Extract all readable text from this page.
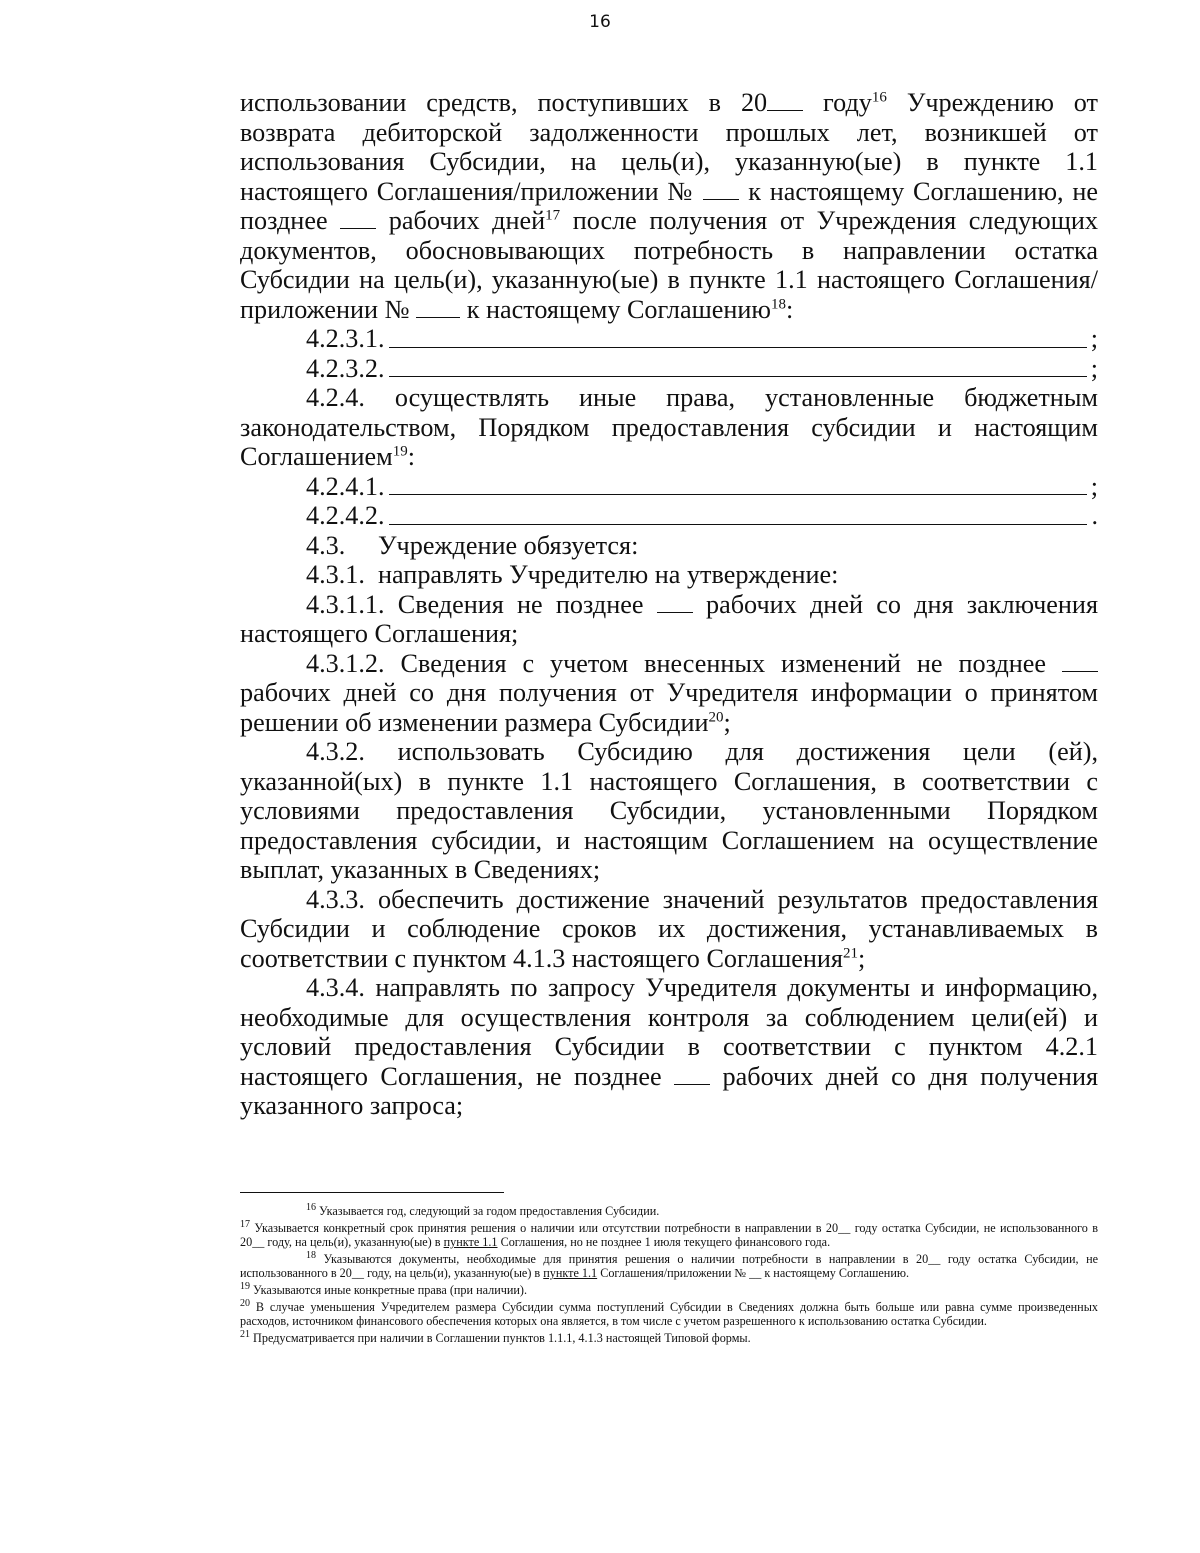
16

использовании средств, поступивших в 20 году$^{16}$ Учреждению от возврата дебиторской задолженности прошлых лет, возникшей от использования Субсидии, на цель(и), указанную(ые) в пункте 1.1 настоящего Соглашения/приложении №  к настоящему Соглашению, не позднее  рабочих дней$^{17}$ после получения от Учреждения следующих документов, обосновывающих потребность в направлении остатка Субсидии на цель(и), указанную(ые) в пункте 1.1 настоящего Соглашения/приложении №  к настоящему Соглашению$^{18}$:

4.2.3.1.	;
4.2.3.2.	;

4.2.4. осуществлять иные права, установленные бюджетным законодательством, Порядком предоставления субсидии и настоящим Соглашением$^{19}$:

4.2.4.1.	;
4.2.4.2.	.

4.3.     Учреждение обязуется:

4.3.1.  направлять Учредителю на утверждение:

4.3.1.1. Сведения не позднее  рабочих дней со дня заключения настоящего Соглашения;

4.3.1.2. Сведения с учетом внесенных изменений не позднее  рабочих дней со дня получения от Учредителя информации о принятом решении об изменении размера Субсидии$^{20}$;

4.3.2. использовать Субсидию для достижения цели (ей), указанной(ых) в пункте 1.1 настоящего Соглашения, в соответствии с условиями предоставления Субсидии, установленными Порядком предоставления субсидии, и настоящим Соглашением на осуществление выплат, указанных в Сведениях;

4.3.3. обеспечить достижение значений результатов предоставления Субсидии и соблюдение сроков их достижения, устанавливаемых в соответствии с пунктом 4.1.3 настоящего Соглашения$^{21}$;

4.3.4. направлять по запросу Учредителя документы и информацию, необходимые для осуществления контроля за соблюдением цели(ей) и условий предоставления Субсидии в соответствии с пунктом 4.2.1 настоящего Соглашения, не позднее  рабочих дней со дня получения указанного запроса;

$^{16}$ Указывается год, следующий за годом предоставления Субсидии.

$^{17}$ Указывается конкретный срок принятия решения о наличии или отсутствии потребности в направлении в 20__ году остатка Субсидии, не использованного в 20__ году, на цель(и), указанную(ые) в пункте 1.1 Соглашения, но не позднее 1 июля текущего финансового года.

$^{18}$ Указываются документы, необходимые для принятия решения о наличии потребности в направлении в 20__ году остатка Субсидии, не использованного в 20__ году, на цель(и), указанную(ые) в пункте 1.1 Соглашения/приложении № __ к настоящему Соглашению.

$^{19}$ Указываются иные конкретные права (при наличии).

$^{20}$ В случае уменьшения Учредителем размера Субсидии сумма поступлений Субсидии в Сведениях должна быть больше или равна сумме произведенных расходов, источником финансового обеспечения которых она является, в том числе с учетом разрешенного к использованию остатка Субсидии.

$^{21}$ Предусматривается при наличии в Соглашении пунктов 1.1.1, 4.1.3 настоящей Типовой формы.
